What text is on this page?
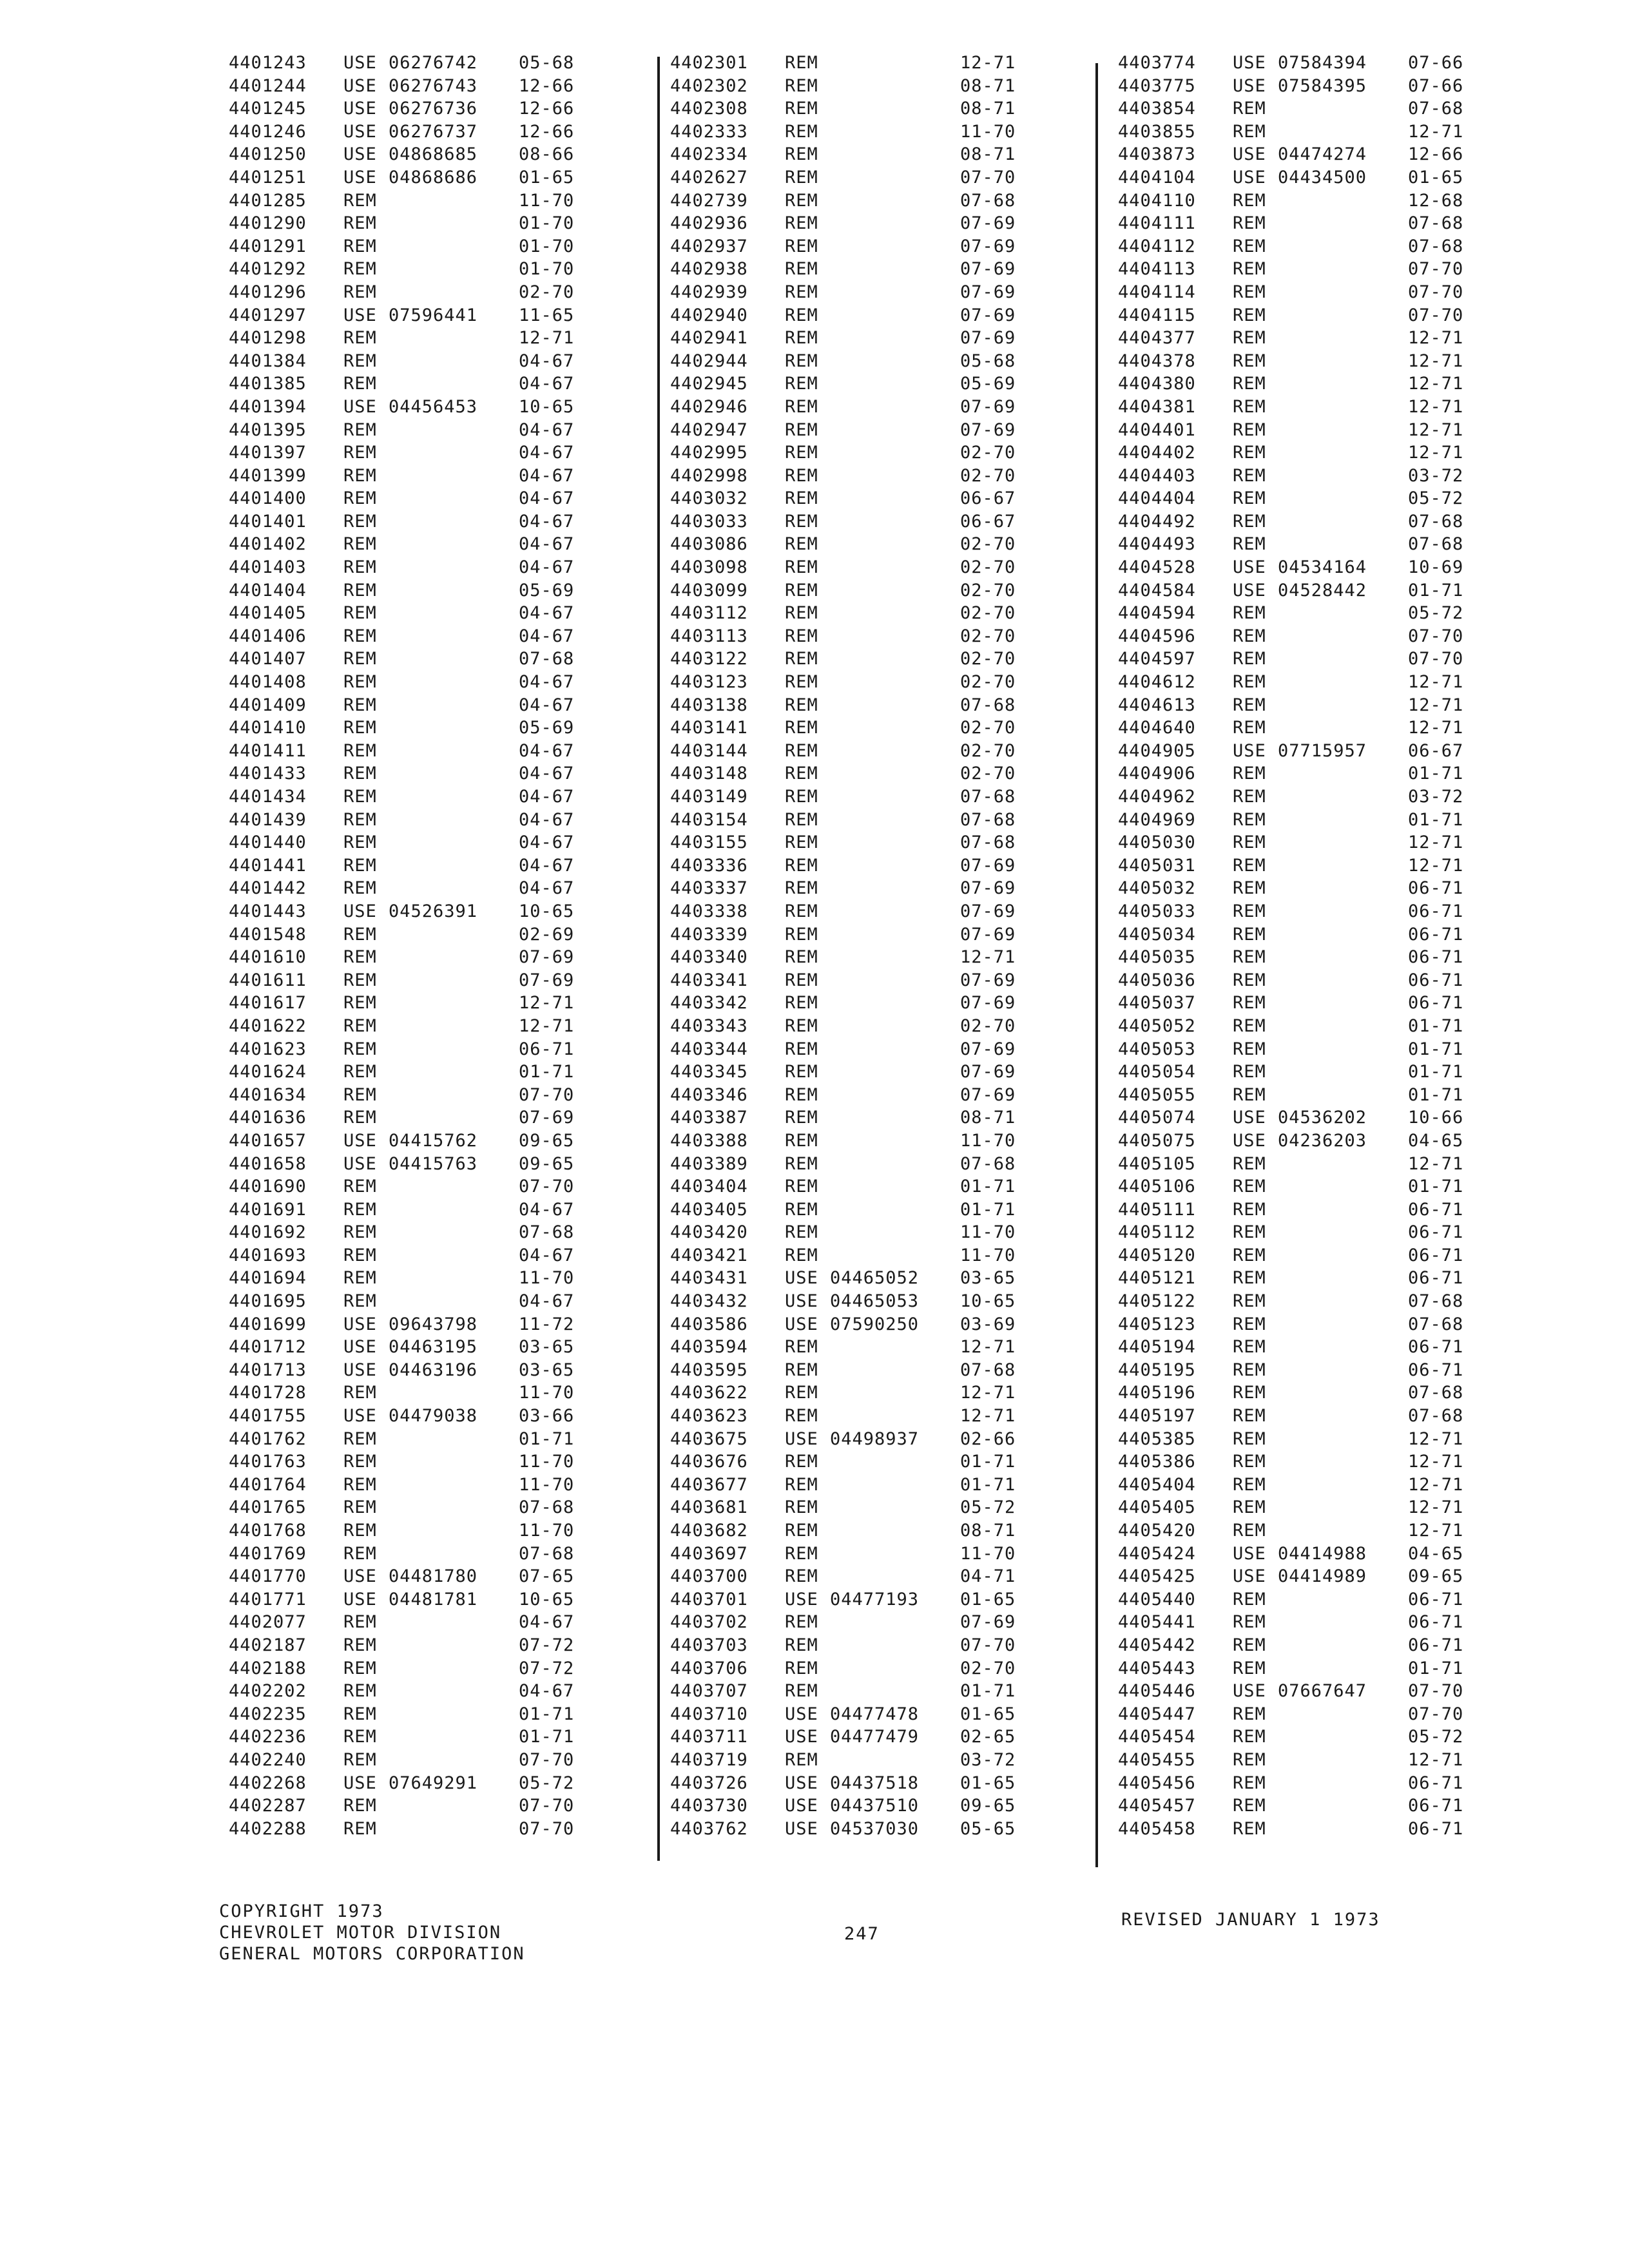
4401243 USE 06276742 05-68
4401244 USE 06276743 12-66
4401245 USE 06276736 12-66
4401246 USE 06276737 12-66
4401250 USE 04868685 08-66
4401251 USE 04868686 01-65
4401285 REM	11-70
4401290 REM	01-70
4401291 REM	01-70
4401292 REM	01-70
4401296 REM	02-70
4401297 USE 07596441 11-65
4401298 REM	12-71
4401384 REM	04-67
4401385 REM	04-67
4401394 USE 04456453 10-65
4401395 REM	04-67
4401397 REM	04-67
4401399 REM	04-67
4401400 REM	04-67
4401401 REM	04-67
4401402 REM	04-67
4401403 REM	04-67
4401404 REM	05-69
4401405 REM	04-67
4401406 REM	04-67
4401407 REM	07-68
4401408 REM	04-67
4401409 REM	04-67
4401410 REM	05-69
4401411 REM	04-67
4401433 REM	04-67
4401434 REM	04-67
4401439 REM	04-67
4401440 REM	04-67
4401441 REM	04-67
4401442 REM	04-67
4401443 USE 04526391 10-65
4401548 REM	02-69
4401610 REM	07-69
4401611 REM	07-69
4401617 REM	12-71
4401622 REM	12-71
4401623 REM	06-71
4401624 REM	01-71
4401634 REM	07-70
4401636 REM	07-69
4401657 USE 04415762 09-65
4401658 USE 04415763 09-65
4401690 REM	07-70
4401691 REM	04-67
4401692 REM	07-68
4401693 REM	04-67
4401694 REM	11-70
4401695 REM	04-67
4401699 USE 09643798 11-72
4401712 USE 04463195 03-65
4401713 USE 04463196 03-65
4401728 REM	11-70
4401755 USE 04479038 03-66
4401762 REM	01-71
4401763 REM	11-70
4401764 REM	11-70
4401765 REM	07-68
4401768 REM	11-70
4401769 REM	07-68
4401770 USE 04481780 07-65
4401771 USE 04481781 10-65
4402077 REM	04-67
4402187 REM	07-72
4402188 REM	07-72
4402202 REM	04-67
4402235 REM	01-71
4402236 REM	01-71
4402240 REM	07-70
4402268 USE 07649291 05-72
4402287 REM	07-70
4402288 REM	07-70
4402301 REM	12-71
4402302 REM	08-71
4402308 REM	08-71
4402333 REM	11-70
4402334 REM	08-71
4402627 REM	07-70
4402739 REM	07-68
4402936 REM	07-69
4402937 REM	07-69
4402938 REM	07-69
4402939 REM	07-69
4402940 REM	07-69
4402941 REM	07-69
4402944 REM	05-68
4402945 REM	05-69
4402946 REM	07-69
4402947 REM	07-69
4402995 REM	02-70
4402998 REM	02-70
4403032 REM	06-67
4403033 REM	06-67
4403086 REM	02-70
4403098 REM	02-70
4403099 REM	02-70
4403112 REM	02-70
4403113 REM	02-70
4403122 REM	02-70
4403123 REM	02-70
4403138 REM	07-68
4403141 REM	02-70
4403144 REM	02-70
4403148 REM	02-70
4403149 REM	07-68
4403154 REM	07-68
4403155 REM	07-68
4403336 REM	07-69
4403337 REM	07-69
4403338 REM	07-69
4403339 REM	07-69
4403340 REM	12-71
4403341 REM	07-69
4403342 REM	07-69
4403343 REM	02-70
4403344 REM	07-69
4403345 REM	07-69
4403346 REM	07-69
4403387 REM	08-71
4403388 REM	11-70
4403389 REM	07-68
4403404 REM	01-71
4403405 REM	01-71
4403420 REM	11-70
4403421 REM	11-70
4403431 USE 04465052 03-65
4403432 USE 04465053 10-65
4403586 USE 07590250 03-69
4403594 REM	12-71
4403595 REM	07-68
4403622 REM	12-71
4403623 REM	12-71
4403675 USE 04498937 02-66
4403676 REM	01-71
4403677 REM	01-71
4403681 REM	05-72
4403682 REM	08-71
4403697 REM	11-70
4403700 REM	04-71
4403701 USE 04477193 01-65
4403702 REM	07-69
4403703 REM	07-70
4403706 REM	02-70
4403707 REM	01-71
4403710 USE 04477478 01-65
4403711 USE 04477479 02-65
4403719 REM	03-72
4403726 USE 04437518 01-65
4403730 USE 04437510 09-65
4403762 USE 04537030 05-65
4403774 USE 07584394 07-66
4403775 USE 07584395 07-66
4403854 REM	07-68
4403855 REM	12-71
4403873 USE 04474274 12-66
4404104 USE 04434500 01-65
4404110 REM	12-68
4404111 REM	07-68
4404112 REM	07-68
4404113 REM	07-70
4404114 REM	07-70
4404115 REM	07-70
4404377 REM	12-71
4404378 REM	12-71
4404380 REM	12-71
4404381 REM	12-71
4404401 REM	12-71
4404402 REM	12-71
4404403 REM	03-72
4404404 REM	05-72
4404492 REM	07-68
4404493 REM	07-68
4404528 USE 04534164 10-69
4404584 USE 04528442 01-71
4404594 REM	05-72
4404596 REM	07-70
4404597 REM	07-70
4404612 REM	12-71
4404613 REM	12-71
4404640 REM	12-71
4404905 USE 07715957 06-67
4404906 REM	01-71
4404962 REM	03-72
4404969 REM	01-71
4405030 REM	12-71
4405031 REM	12-71
4405032 REM	06-71
4405033 REM	06-71
4405034 REM	06-71
4405035 REM	06-71
4405036 REM	06-71
4405037 REM	06-71
4405052 REM	01-71
4405053 REM	01-71
4405054 REM	01-71
4405055 REM	01-71
4405074 USE 04536202 10-66
4405075 USE 04236203 04-65
4405105 REM	12-71
4405106 REM	01-71
4405111 REM	06-71
4405112 REM	06-71
4405120 REM	06-71
4405121 REM	06-71
4405122 REM	07-68
4405123 REM	07-68
4405194 REM	06-71
4405195 REM	06-71
4405196 REM	07-68
4405197 REM	07-68
4405385 REM	12-71
4405386 REM	12-71
4405404 REM	12-71
4405405 REM	12-71
4405420 REM	12-71
4405424 USE 04414988 04-65
4405425 USE 04414989 09-65
4405440 REM	06-71
4405441 REM	06-71
4405442 REM	06-71
4405443 REM	01-71
4405446 USE 07667647 07-70
4405447 REM	07-70
4405454 REM	05-72
4405455 REM	12-71
4405456 REM	06-71
4405457 REM	06-71
4405458 REM	06-71
COPYRIGHT 1973
CHEVROLET MOTOR DIVISION
GENERAL MOTORS CORPORATION
247
REVISED JANUARY 1 1973
